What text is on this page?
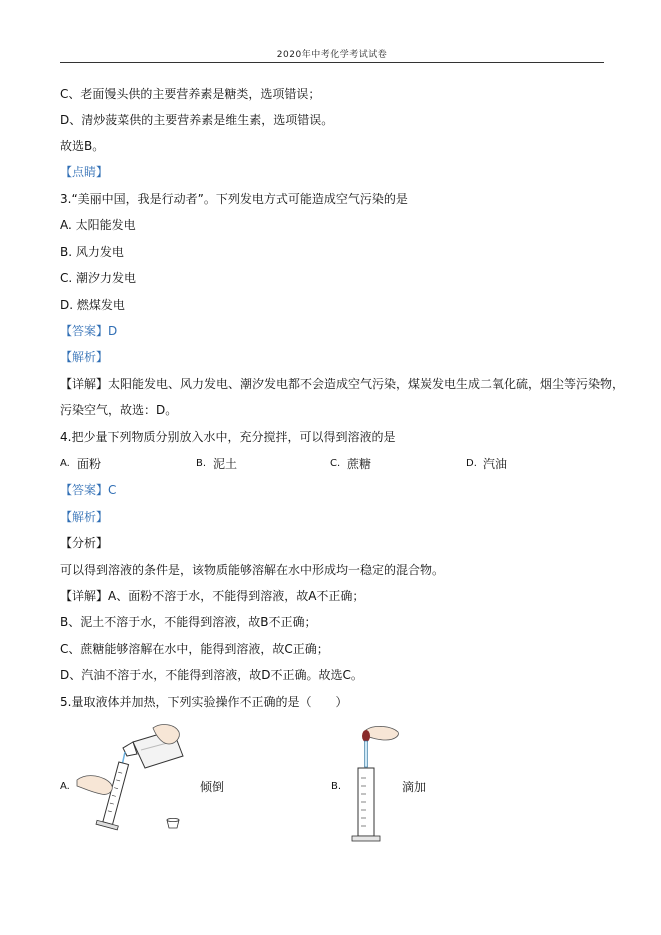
2020年中考化学考试试卷
C、老面馒头供的主要营养素是糖类，选项错误；
D、清炒菠菜供的主要营养素是维生素，选项错误。
故选B。
【点睛】
3.“美丽中国，我是行动者”。下列发电方式可能造成空气污染的是
A. 太阳能发电
B. 风力发电
C. 潮汐力发电
D. 燃煤发电
【答案】D
【解析】
【详解】太阳能发电、风力发电、潮汐发电都不会造成空气污染，煤炭发电生成二氧化硫，烟尘等污染物，
污染空气，故选：D。
4.把少量下列物质分别放入水中，充分搅拌，可以得到溶液的是
A. 面粉	B. 泥土	C. 蔗糖	D. 汽油
【答案】C
【解析】
【分析】
可以得到溶液的条件是，该物质能够溶解在水中形成均一稳定的混合物。
【详解】A、面粉不溶于水，不能得到溶液，故A不正确；
B、泥土不溶于水，不能得到溶液，故B不正确；
C、蔗糖能够溶解在水中，能得到溶液，故C正确；
D、汽油不溶于水，不能得到溶液，故D不正确。故选C。
5.量取液体并加热，下列实验操作不正确的是（　　）
A.	倾倒	B.	滴加
